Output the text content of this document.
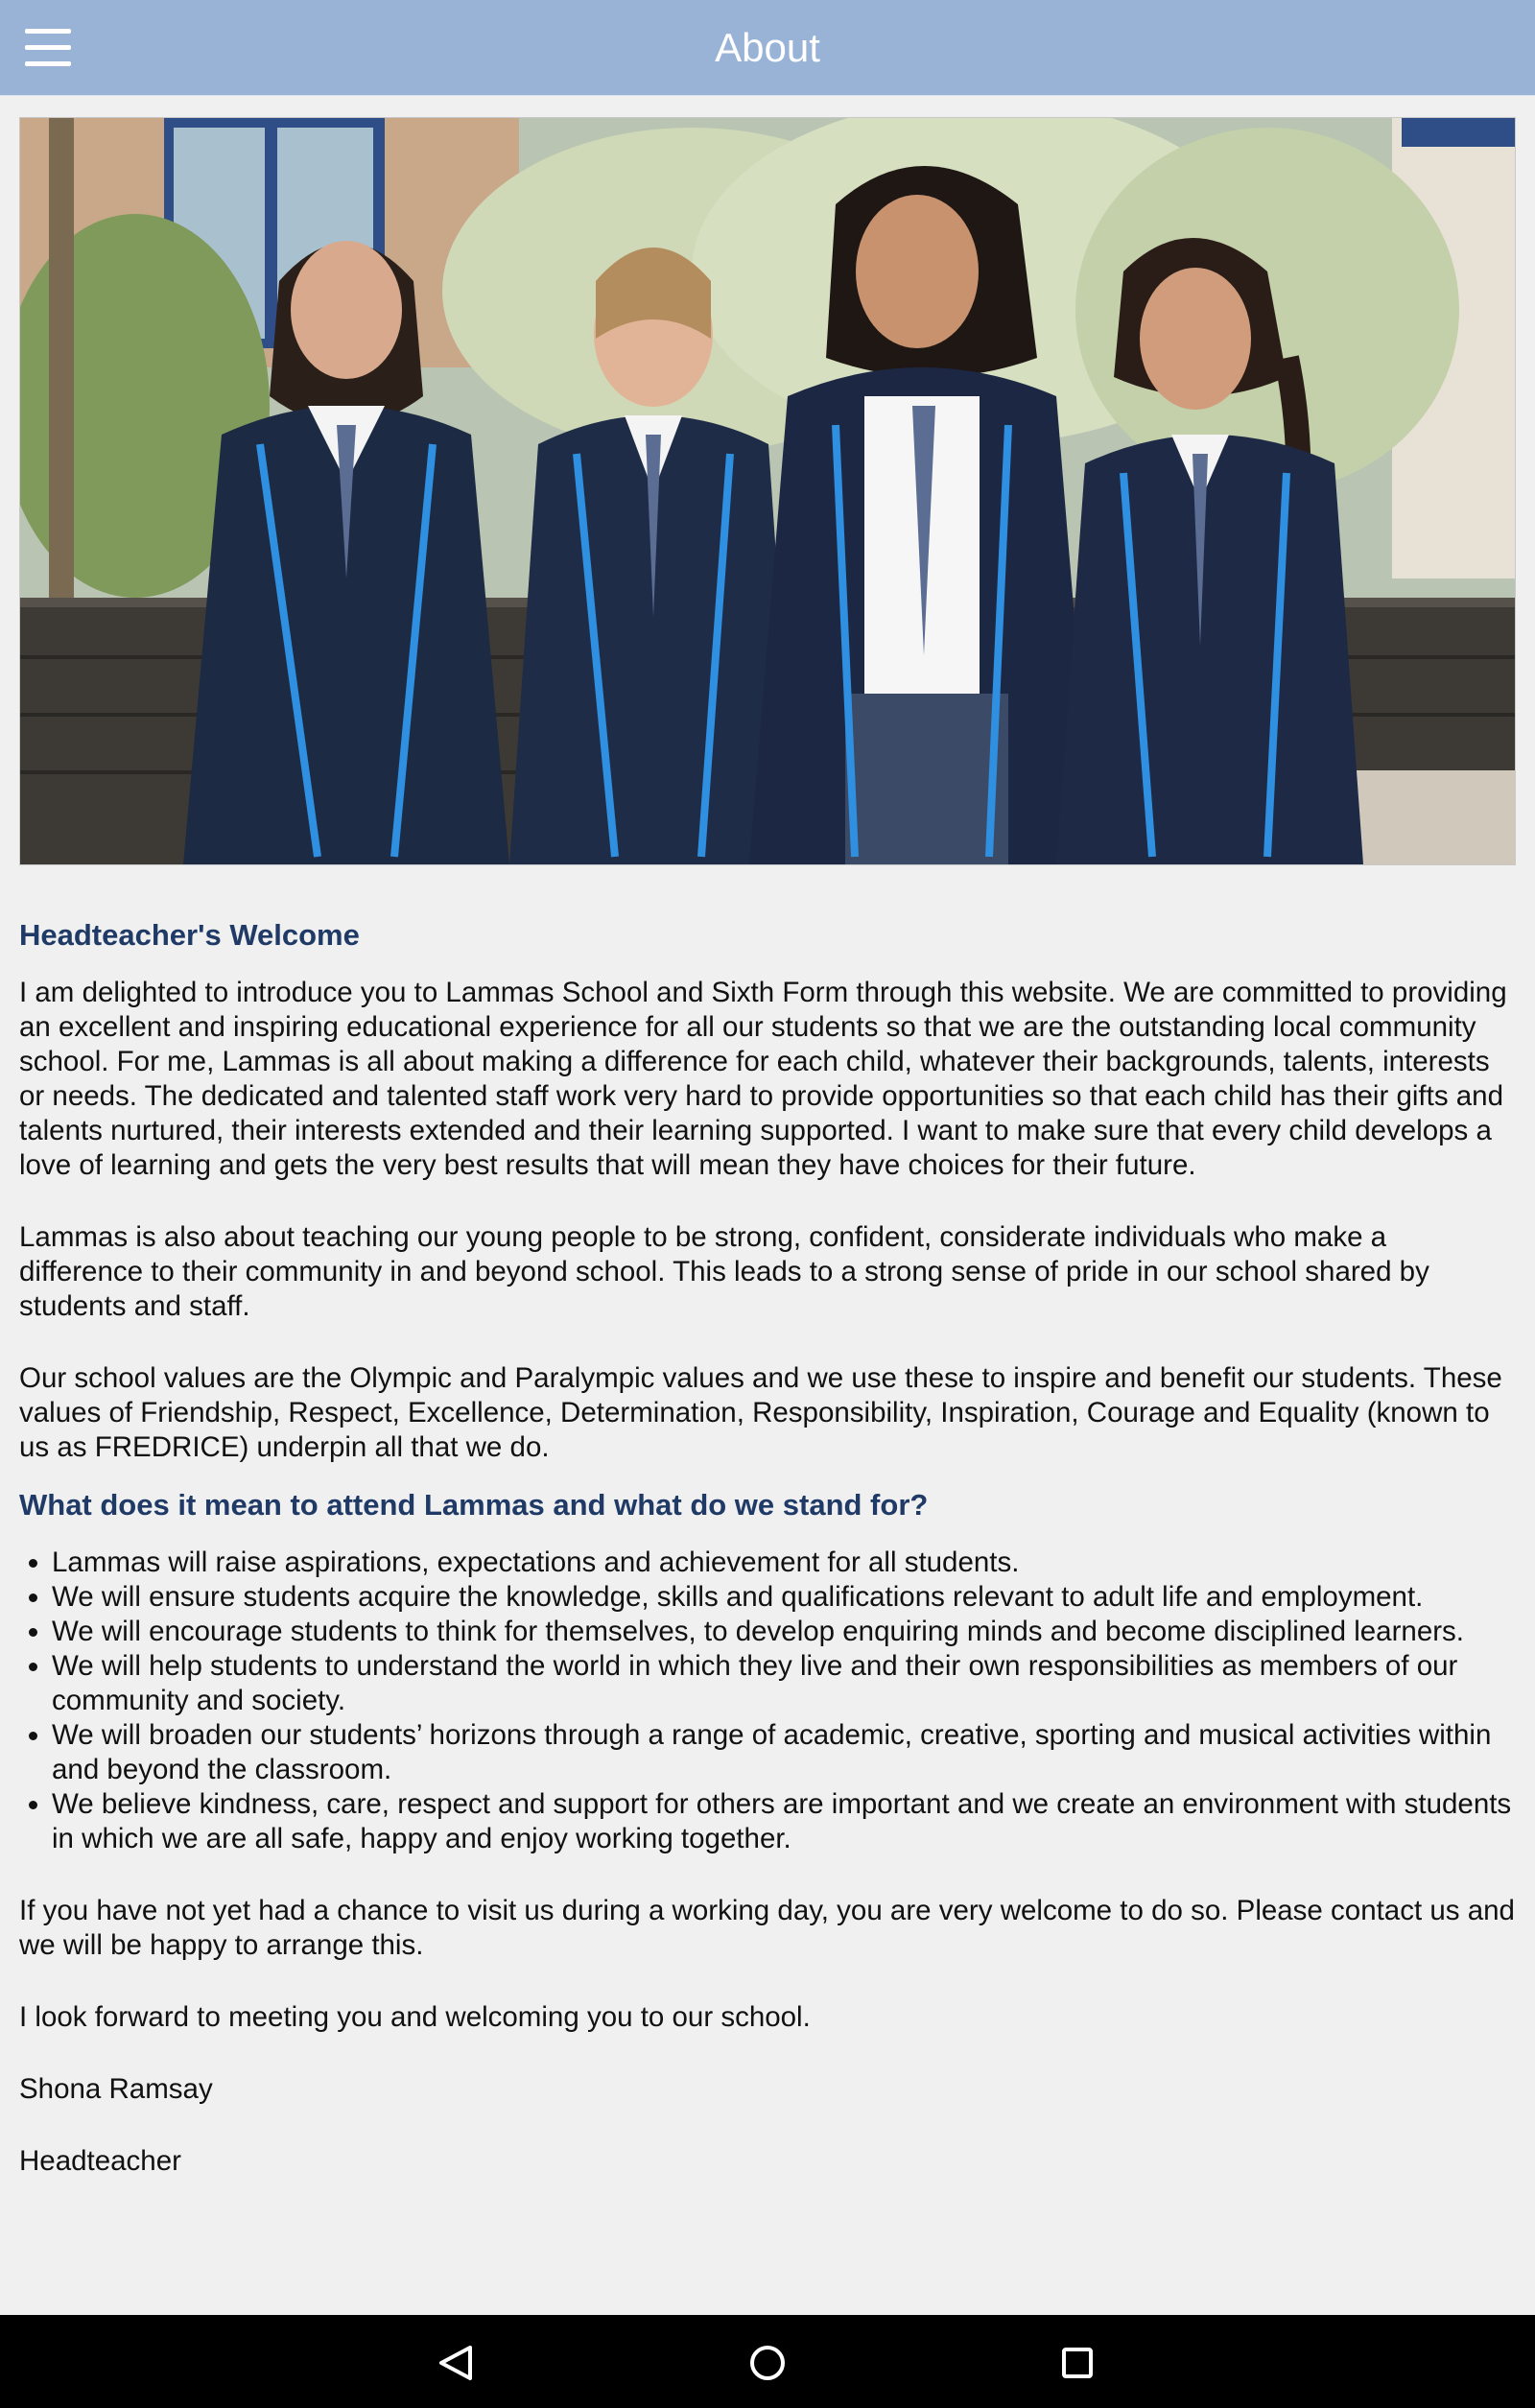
About
Headteacher's Welcome

I am delighted to introduce you to Lammas School and Sixth Form through this website. We are committed to providing an excellent and inspiring educational experience for all our students so that we are the outstanding local community school. For me, Lammas is all about making a difference for each child, whatever their backgrounds, talents, interests or needs. The dedicated and talented staff work very hard to provide opportunities so that each child has their gifts and talents nurtured, their interests extended and their learning supported. I want to make sure that every child develops a love of learning and gets the very best results that will mean they have choices for their future.

Lammas is also about teaching our young people to be strong, confident, considerate individuals who make a difference to their community in and beyond school. This leads to a strong sense of pride in our school shared by students and staff.

Our school values are the Olympic and Paralympic values and we use these to inspire and benefit our students. These values of Friendship, Respect, Excellence, Determination, Responsibility, Inspiration, Courage and Equality (known to us as FREDRICE) underpin all that we do.

What does it mean to attend Lammas and what do we stand for?
• Lammas will raise aspirations, expectations and achievement for all students.
• We will ensure students acquire the knowledge, skills and qualifications relevant to adult life and employment.
• We will encourage students to think for themselves, to develop enquiring minds and become disciplined learners.
• We will help students to understand the world in which they live and their own responsibilities as members of our community and society.
• We will broaden our students’ horizons through a range of academic, creative, sporting and musical activities within and beyond the classroom.
• We believe kindness, care, respect and support for others are important and we create an environment with students in which we are all safe, happy and enjoy working together.

If you have not yet had a chance to visit us during a working day, you are very welcome to do so. Please contact us and we will be happy to arrange this.

I look forward to meeting you and welcoming you to our school.

Shona Ramsay

Headteacher
